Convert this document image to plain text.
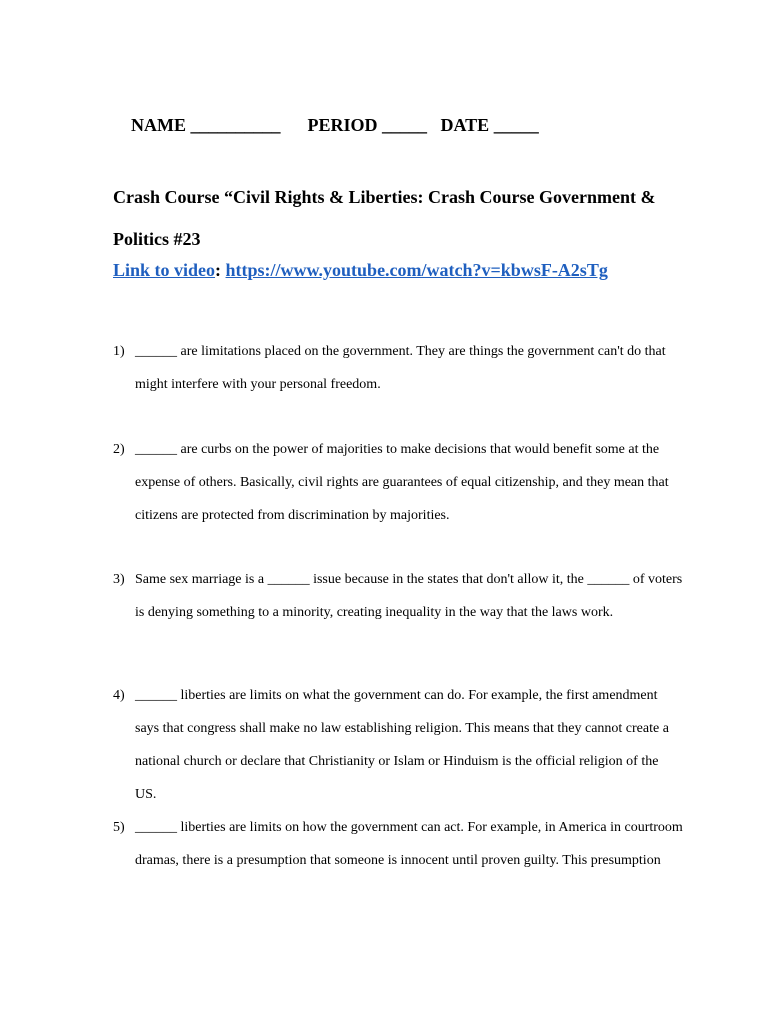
NAME __________ PERIOD _____ DATE _____

Crash Course “Civil Rights & Liberties: Crash Course Government & Politics #23
Link to video: https://www.youtube.com/watch?v=kbwsF-A2sTg
1) ______ are limitations placed on the government. They are things the government can't do that might interfere with your personal freedom.
2) ______ are curbs on the power of majorities to make decisions that would benefit some at the expense of others. Basically, civil rights are guarantees of equal citizenship, and they mean that citizens are protected from discrimination by majorities.
3) Same sex marriage is a ______ issue because in the states that don't allow it, the ______ of voters is denying something to a minority, creating inequality in the way that the laws work.
4) ______ liberties are limits on what the government can do. For example, the first amendment says that congress shall make no law establishing religion. This means that they cannot create a national church or declare that Christianity or Islam or Hinduism is the official religion of the US.
5) ______ liberties are limits on how the government can act. For example, in America in courtroom dramas, there is a presumption that someone is innocent until proven guilty. This presumption
